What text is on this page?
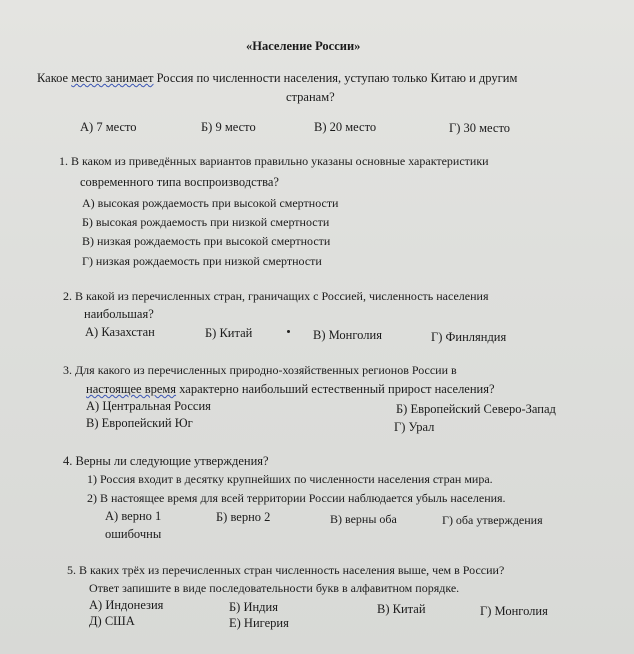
«Население России»
Какое место занимает Россия по численности населения, уступаю только Китаю и другим
странам?
А) 7 место	Б) 9 место	В) 20 место	Г) 30 место
1. В каком из приведённых вариантов правильно указаны основные характеристики
современного типа воспроизводства?
А) высокая рождаемость при высокой смертности
Б) высокая рождаемость при низкой смертности
В) низкая рождаемость при высокой смертности
Г) низкая рождаемость при низкой смертности
2. В какой из перечисленных стран, граничащих с Россией, численность населения
наибольшая?
А) Казахстан	Б) Китай	В) Монголия	Г) Финляндия
3. Для какого из перечисленных природно-хозяйственных регионов России в
настоящее время характерно наибольший естественный прирост населения?
А) Центральная Россия	Б) Европейский Северо-Запад
В) Европейский Юг	Г) Урал
4. Верны ли следующие утверждения?
1) Россия входит в десятку крупнейших по численности населения стран мира.
2) В настоящее время для всей территории России наблюдается убыль населения.
А) верно 1	Б) верно 2	В) верны оба	Г) оба утверждения
ошибочны
5. В каких трёх из перечисленных стран численность населения выше, чем в России?
Ответ запишите в виде последовательности букв в алфавитном порядке.
А) Индонезия	Б) Индия	В) Китай	Г) Монголия
Д) США	Е) Нигерия
